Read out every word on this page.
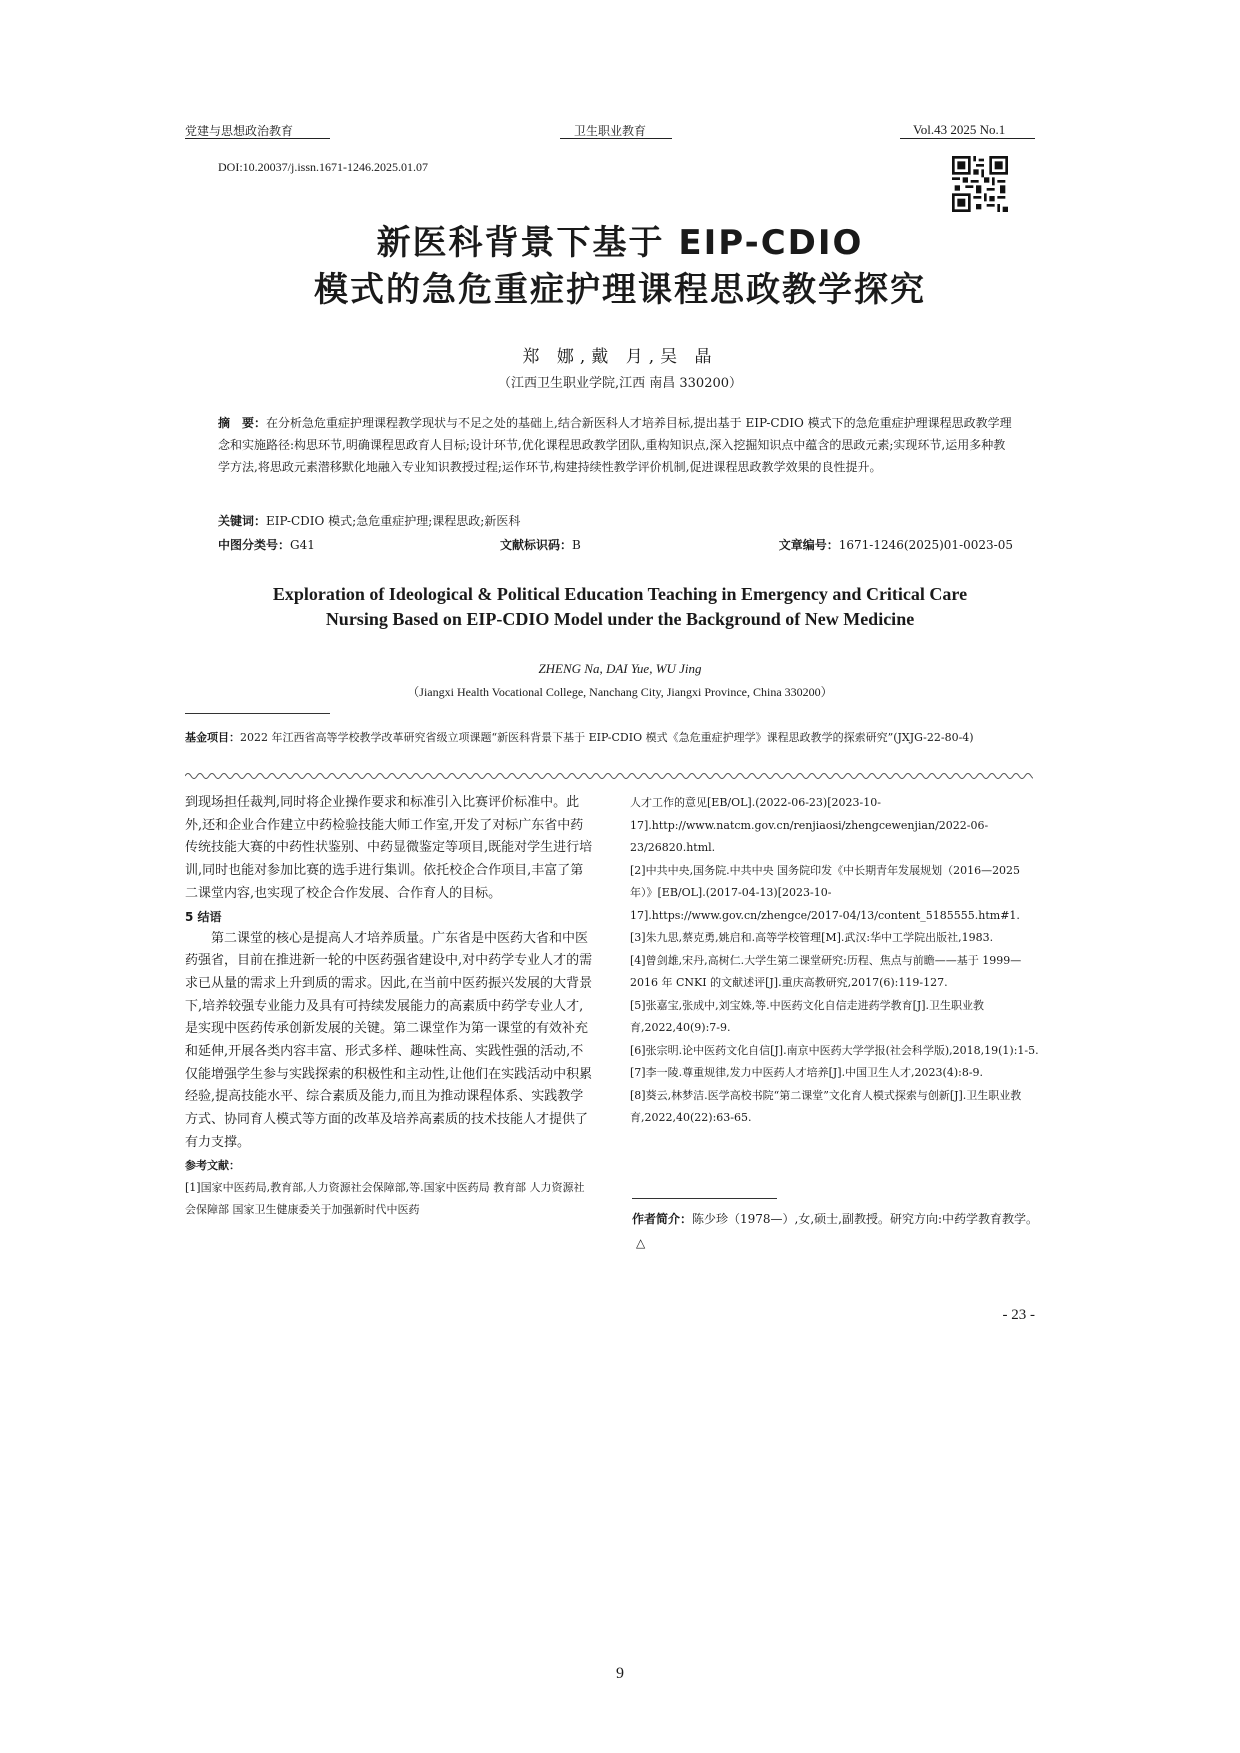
党建与思想政治教育	卫生职业教育	Vol.43 2025 No.1
DOI:10.20037/j.issn.1671-1246.2025.01.07
新医科背景下基于 EIP-CDIO
模式的急危重症护理课程思政教学探究
郑 娜,戴 月,吴 晶
（江西卫生职业学院,江西 南昌 330200）
摘　要：在分析急危重症护理课程教学现状与不足之处的基础上,结合新医科人才培养目标,提出基于 EIP-CDIO 模式下的急危重症护理课程思政教学理念和实施路径:构思环节,明确课程思政育人目标;设计环节,优化课程思政教学团队,重构知识点,深入挖掘知识点中蕴含的思政元素;实现环节,运用多种教学方法,将思政元素潜移默化地融入专业知识教授过程;运作环节,构建持续性教学评价机制,促进课程思政教学效果的良性提升。
关键词：EIP-CDIO 模式;急危重症护理;课程思政;新医科
中图分类号：G41	文献标识码：B	文章编号：1671-1246(2025)01-0023-05
Exploration of Ideological & Political Education Teaching in Emergency and Critical Care
Nursing Based on EIP-CDIO Model under the Background of New Medicine
ZHENG Na, DAI Yue, WU Jing
（Jiangxi Health Vocational College, Nanchang City, Jiangxi Province, China 330200）
基金项目：2022 年江西省高等学校教学改革研究省级立项课题“新医科背景下基于 EIP-CDIO 模式《急危重症护理学》课程思政教学的探索研究”(JXJG-22-80-4)

到现场担任裁判,同时将企业操作要求和标准引入比赛评价标准中。此外,还和企业合作建立中药检验技能大师工作室,开发了对标广东省中药传统技能大赛的中药性状鉴别、中药显微鉴定等项目,既能对学生进行培训,同时也能对参加比赛的选手进行集训。依托校企合作项目,丰富了第二课堂内容,也实现了校企合作发展、合作育人的目标。

5 结语

第二课堂的核心是提高人才培养质量。广东省是中医药大省和中医药强省，目前在推进新一轮的中医药强省建设中,对中药学专业人才的需求已从量的需求上升到质的需求。因此,在当前中医药振兴发展的大背景下,培养较强专业能力及具有可持续发展能力的高素质中药学专业人才,是实现中医药传承创新发展的关键。第二课堂作为第一课堂的有效补充和延伸,开展各类内容丰富、形式多样、趣味性高、实践性强的活动,不仅能增强学生参与实践探索的积极性和主动性,让他们在实践活动中积累经验,提高技能水平、综合素质及能力,而且为推动课程体系、实践教学方式、协同育人模式等方面的改革及培养高素质的技术技能人才提供了有力支撑。

参考文献：

[1]国家中医药局,教育部,人力资源社会保障部,等.国家中医药局 教育部 人力资源社会保障部 国家卫生健康委关于加强新时代中医药

人才工作的意见[EB/OL].(2022-06-23)[2023-10-17].http://www.natcm.gov.cn/renjiaosi/zhengcewenjian/2022-06-23/26820.html.

[2]中共中央,国务院.中共中央 国务院印发《中长期青年发展规划（2016—2025 年）》[EB/OL].(2017-04-13)[2023-10-17].https://www.gov.cn/zhengce/2017-04/13/content_5185555.htm#1.

[3]朱九思,蔡克勇,姚启和.高等学校管理[M].武汉:华中工学院出版社,1983.

[4]曾剑雄,宋丹,高树仁.大学生第二课堂研究:历程、焦点与前瞻——基于 1999—2016 年 CNKI 的文献述评[J].重庆高教研究,2017(6):119-127.

[5]张嘉宝,张成中,刘宝姝,等.中医药文化自信走进药学教育[J].卫生职业教育,2022,40(9):7-9.

[6]张宗明.论中医药文化自信[J].南京中医药大学学报(社会科学版),2018,19(1):1-5.

[7]李一陵.尊重规律,发力中医药人才培养[J].中国卫生人才,2023(4):8-9.

[8]葵云,林梦洁.医学高校书院“第二课堂”文化育人模式探索与创新[J].卫生职业教育,2022,40(22):63-65.

作者简介：陈少珍（1978—）,女,硕士,副教授。研究方向:中药学教育教学。△
- 23 -
9
